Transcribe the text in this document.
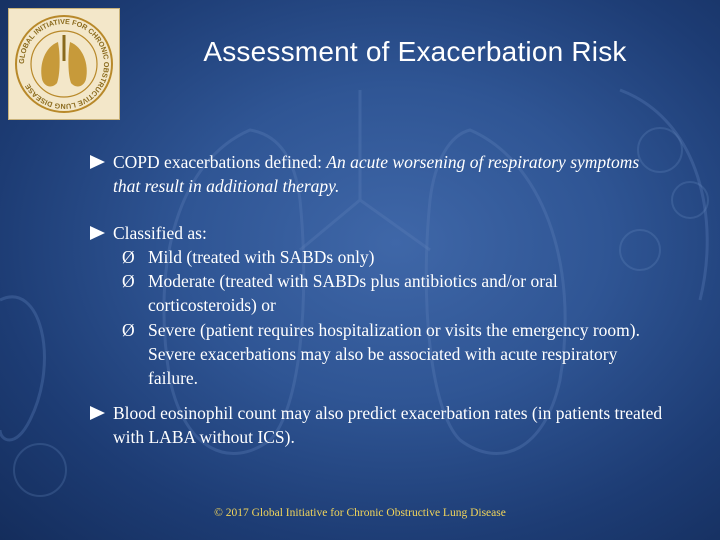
GLOBAL INITIATIVE FOR CHRONIC OBSTRUCTIVE LUNG DISEASE
Assessment of Exacerbation Risk
COPD exacerbations defined: An acute worsening of respiratory symptoms that result in additional therapy.
Classified as:
Ø Mild (treated with SABDs only)
Ø Moderate (treated with SABDs plus antibiotics and/or oral corticosteroids) or
Ø Severe (patient requires hospitalization or visits the emergency room). Severe exacerbations may also be associated with acute respiratory failure.
Blood eosinophil count may also predict exacerbation rates (in patients treated with LABA without ICS).
© 2017 Global Initiative for Chronic Obstructive Lung Disease
